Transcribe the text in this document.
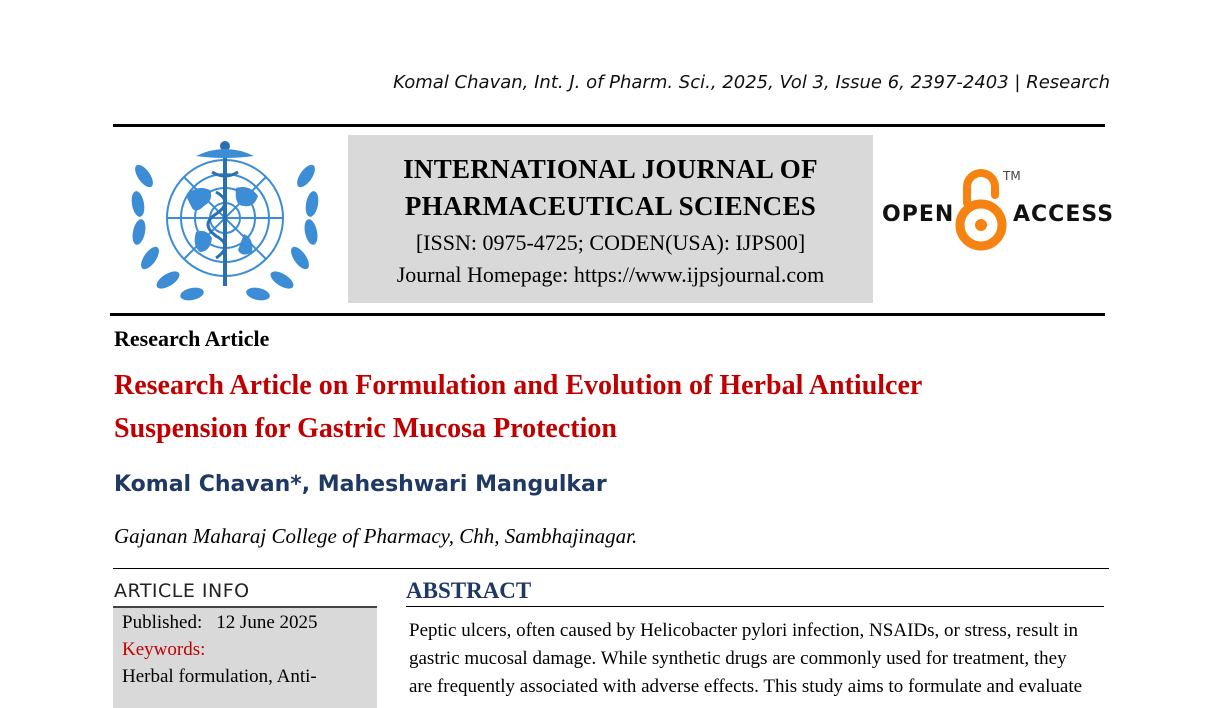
Komal Chavan, Int. J. of Pharm. Sci., 2025, Vol 3, Issue 6, 2397-2403 | Research
INTERNATIONAL JOURNAL OF
PHARMACEUTICAL SCIENCES
[ISSN: 0975-4725; CODEN(USA): IJPS00]
Journal Homepage: https://www.ijpsjournal.com
OPEN
TM
ACCESS
Research Article
Research Article on Formulation and Evolution of Herbal Antiulcer
Suspension for Gastric Mucosa Protection
Komal Chavan*, Maheshwari Mangulkar
Gajanan Maharaj College of Pharmacy, Chh, Sambhajinagar.
ARTICLE INFO
Published: 12 June 2025
Keywords:
Herbal formulation, Anti-
ABSTRACT
Peptic ulcers, often caused by Helicobacter pylori infection, NSAIDs, or stress, result in
gastric mucosal damage. While synthetic drugs are commonly used for treatment, they
are frequently associated with adverse effects. This study aims to formulate and evaluate
